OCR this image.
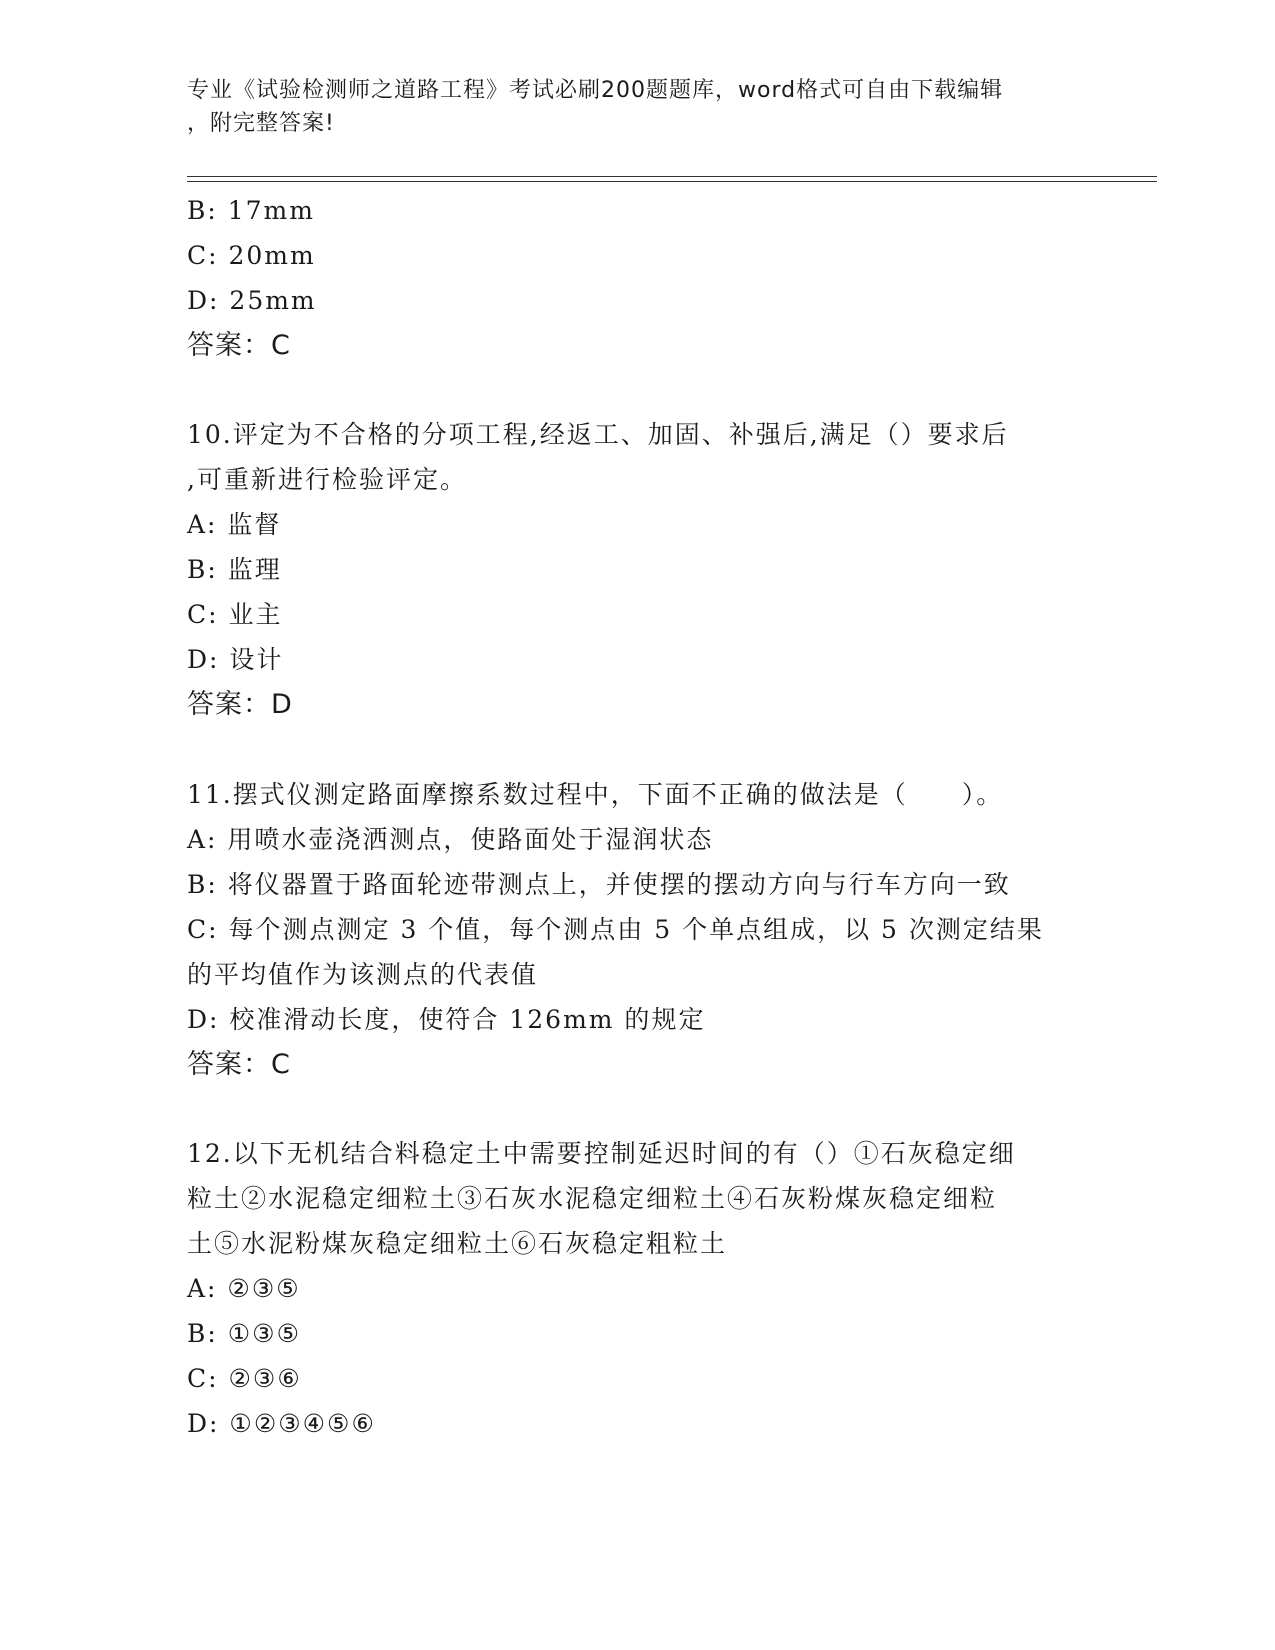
专业《试验检测师之道路工程》考试必刷200题题库，word格式可自由下载编辑
，附完整答案!
B: 17mm
C: 20mm
D: 25mm
答案：C
10.评定为不合格的分项工程,经返工、加固、补强后,满足（）要求后
,可重新进行检验评定。
A: 监督
B: 监理
C: 业主
D: 设计
答案：D
11.摆式仪测定路面摩擦系数过程中，下面不正确的做法是（　　）。
A: 用喷水壶浇洒测点，使路面处于湿润状态
B: 将仪器置于路面轮迹带测点上，并使摆的摆动方向与行车方向一致
C: 每个测点测定 3 个值，每个测点由 5 个单点组成，以 5 次测定结果
的平均值作为该测点的代表值
D: 校准滑动长度，使符合 126mm 的规定
答案：C
12.以下无机结合料稳定土中需要控制延迟时间的有（）①石灰稳定细
粒土②水泥稳定细粒土③石灰水泥稳定细粒土④石灰粉煤灰稳定细粒
土⑤水泥粉煤灰稳定细粒土⑥石灰稳定粗粒土
A: ②③⑤
B: ①③⑤
C: ②③⑥
D: ①②③④⑤⑥
